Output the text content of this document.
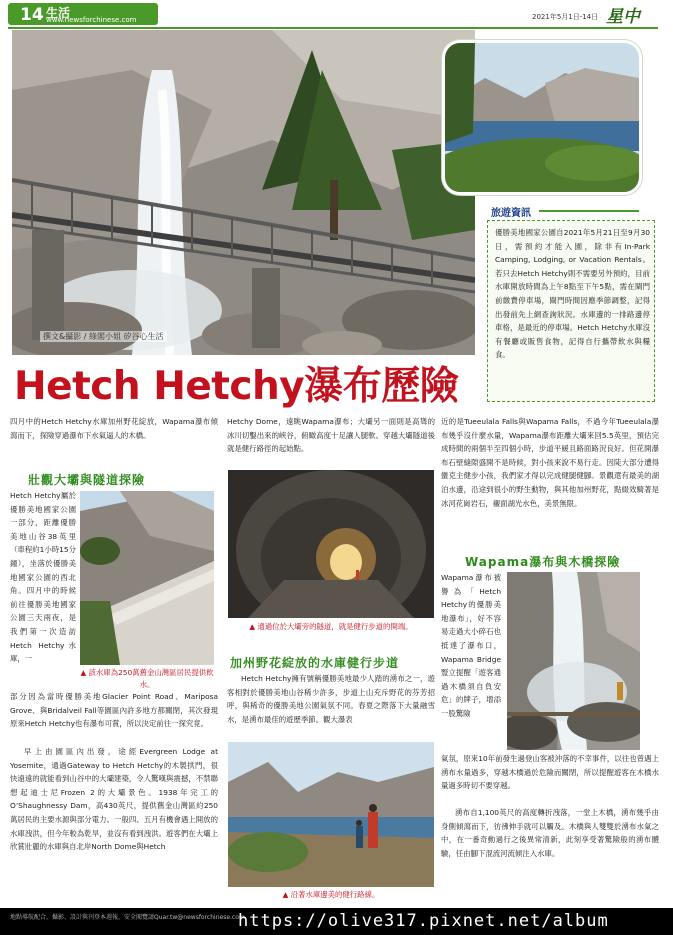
14 生活
www.newsforchinese.com	2021年5月1日-14日 星中
撰文&攝影 / 綠閣小姐 矽谷心生活
Hetch Hetchy瀑布歷險
旅遊資訊
優勝美地國家公園自2021年5月21日至9月30日，需預約才能入園，除非有In-Park Camping, Lodging, or Vacation Rentals。若只去Hetch Hetchy則不需要另外預約，目前水庫開放時間為上午8點至下午5點，需在閘門前繳費停車場，閘門時間因應季節調整，記得出發前先上網查詢狀況。水庫邊的一排路邊停車格，是最近的停車場。Hetch Hetchy水庫沒有餐廳或販售食物，記得自行攜帶飲水與糧食。

四月中的Hetch Hetchy水庫加州野花綻放，Wapama瀑布傾瀉而下，探險穿過瀑布下水氣逼人的木橋。

壯觀大壩與隧道探險

Hetch Hetchy屬於優勝美地國家公園一部分，距離優勝美地山谷38英里（車程約1小時15分鐘），坐落於優勝美地國家公園的西北角。四月中的時候前往優勝美地國家公園三天兩夜，是我們第一次造訪Hetch Hetchy水庫，一

▲ 該水庫為250萬舊金山灣區居民提供飲水。

部分因為當時優勝美地Glacier Point Road、Mariposa Grove、與Bridalveil Fall等園區內許多地方都關閉，其次發現原來Hetch Hetchy也有瀑布可賞，所以決定前往一探究竟。

早上由園區內出發，途經Evergreen Lodge at Yosemite，通過Gateway to Hetch Hetchy的木製拱門，很快遠遠的就能看到山谷中的大壩建築，令人驚嘆與震撼，不禁聯想起迪士尼Frozen 2的大壩景色。1938年完工的O’Shaughnessy Dam，高430英尺，提供舊金山灣區約250萬居民的主要水源與部分電力。一般四、五月有機會遇上開放的水庫洩洪，但今年較為乾旱，並沒有看到洩洪。遊客們在大壩上欣賞壯麗的水庫與自北岸North Dome與Hetch

Hetchy Dome，遠眺Wapama瀑布；大壩另一面則是高聳的冰川切鑿出來的峽谷，俯瞰高度十足讓人腿軟。穿越大壩隧道後就是健行路徑的起始點。

▲ 通過位於大壩旁的隧道，就是健行步道的開端。
加州野花綻放的水庫健行步道

Hetch Hetchy擁有號稱優勝美地最少人踏的湧布之一，遊客相對於優勝美地山谷稀少許多，步道上山充斥野花的芬芳招呼，與稀奇的優勝美地公園氣氛不同。春夏之際落下大量融雪水，是湧布最佳的遊歷季節。觀大瀑表

▲ 沿著水庫邊美的健行路線。

近的是Tueeulala Falls與Wapama Falls，不過今年Tueeulala瀑布幾乎沒什麼水量，Wapama瀑布距離大壩來回5.5英里，預估完成時間的兩個半至四個小時，步道平緩且路面路況良好。但花開瀑布石壁縫隙盛開不是時候，對小孩來說不易行走。因陡大部分遭得蠻克主健步小孩，我們家才得以完成健腿健腳。景觀還有最美的湖泊水邊，沿途到很小的野生動物，與其他加州野花，點綴效騎著是冰河花崗岩石，襯面湖光水色，美景無限。

Wapama瀑布與木橋探險

Wapama瀑布被譽為「Hetch Hetchy的優勝美地瀑布」，好不容易走過大小碎石也抵達了瀑布口，Wapama Bridge豎立提醒「遊客通過木橋須自負安危」的牌子，增添一股驚險

氣氛，原來10年前發生過登山客被沖落的不幸事件，以往也曾遇上湧布水量過多，穿越木橋過於危險而關閉，所以提醒遊客在木橋水量過多時切不要穿越。

湧布自1,100英尺的高度轉折洩落，一堂上木橋，湧布幾乎由身側傾瀉而下，彷彿伸手就可以觸及。木橋與人雙雙於湧布水氣之中，在一番奇動過行之後異常清新，此刻享受著驚險般的湧布體驗，任由腳下混流河流傾注入水庫。

地點導航配合，攝影、設計與刊登本週報，安全閱覽請Quar.tw@newsforchinese.com
https://olive317.pixnet.net/album
